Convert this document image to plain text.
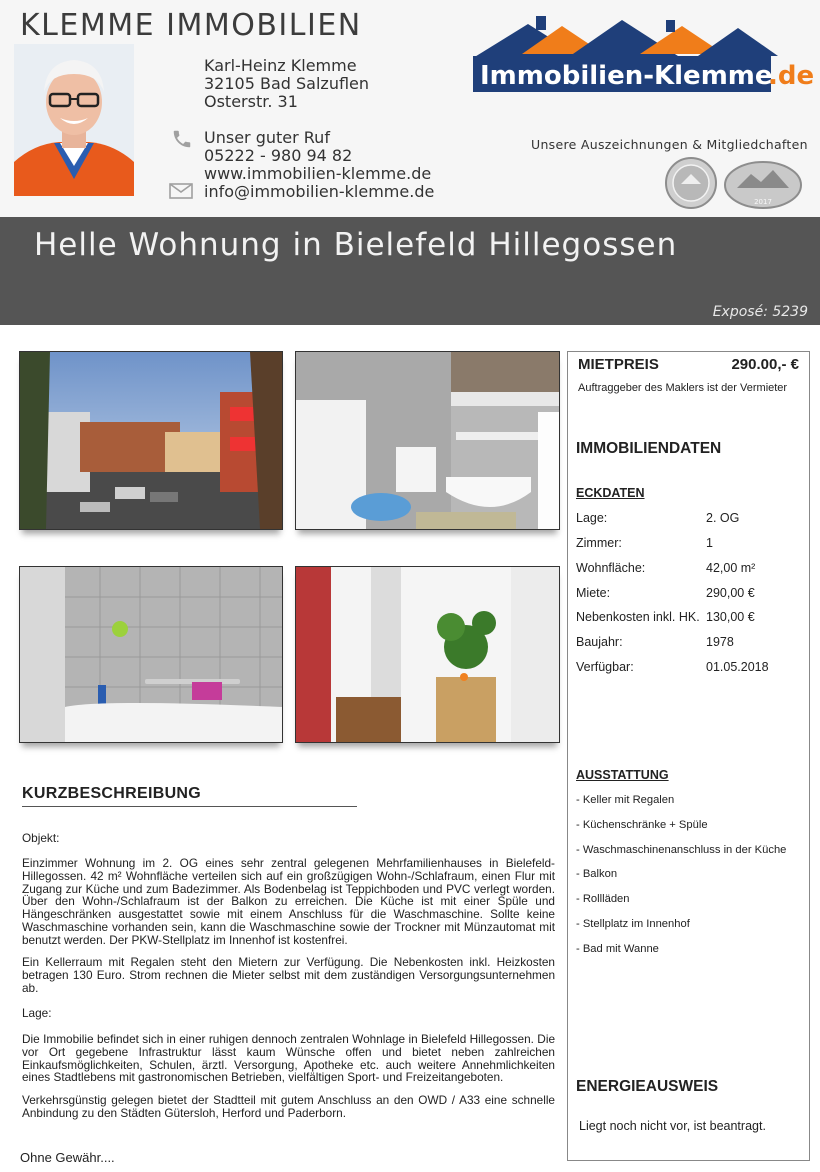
KLEMME IMMOBILIEN
Karl-Heinz Klemme
32105 Bad Salzuflen
Osterstr. 31
Unser guter Ruf
05222 - 980 94 82
www.immobilien-klemme.de
info@immobilien-klemme.de
Immobilien-Klemme
.de
Unsere Auszeichnungen & Mitgliedchaften
2017
Helle Wohnung in Bielefeld Hillegossen
Exposé: 5239
KURZBESCHREIBUNG
Objekt:
Einzimmer Wohnung im 2. OG eines sehr zentral gelegenen Mehrfamilienhauses in Bielefeld-Hillegossen. 42 m² Wohnfläche verteilen sich auf ein großzügigen Wohn-/Schlafraum, einen Flur mit Zugang zur Küche und zum Badezimmer. Als Bodenbelag ist Teppichboden und PVC verlegt worden. Über den Wohn-/Schlafraum ist der Balkon zu erreichen. Die Küche ist mit einer Spüle und Hängeschränken ausgestattet sowie mit einem Anschluss für die Waschmaschine. Sollte keine Waschmaschine vorhanden sein, kann die Waschmaschine sowie der Trockner mit Münzautomat mit benutzt werden. Der PKW-Stellplatz im Innenhof ist kostenfrei.
Ein Kellerraum mit Regalen steht den Mietern zur Verfügung. Die Nebenkosten inkl. Heizkosten betragen 130 Euro. Strom rechnen die Mieter selbst mit dem zuständigen Versorgungsunternehmen ab.
Lage:
Die Immobilie befindet sich in einer ruhigen dennoch zentralen Wohnlage in Bielefeld Hillegossen. Die vor Ort gegebene Infrastruktur lässt kaum Wünsche offen und bietet neben zahlreichen Einkaufsmöglichkeiten, Schulen, ärztl. Versorgung, Apotheke etc. auch weitere Annehmlichkeiten eines Stadtlebens mit gastronomischen Betrieben, vielfältigen Sport- und Freizeitangeboten.
Verkehrsgünstig gelegen bietet der Stadtteil mit gutem Anschluss an den OWD / A33 eine schnelle Anbindung zu den Städten Gütersloh, Herford und Paderborn.
Ohne Gewähr....
MIETPREIS	290.00,- €
Auftraggeber des Maklers ist der Vermieter
IMMOBILIENDATEN
ECKDATEN
Lage:	2. OG
Zimmer:	1
Wohnfläche:	42,00 m²
Miete:	290,00 €
Nebenkosten inkl. HK. 130,00 €
Baujahr:	1978
Verfügbar:	01.05.2018
AUSSTATTUNG
- Keller mit Regalen
- Küchenschränke + Spüle
- Waschmaschinenanschluss in der Küche
- Balkon
- Rollläden
- Stellplatz im Innenhof
- Bad mit Wanne
ENERGIEAUSWEIS
Liegt noch nicht vor, ist beantragt.
